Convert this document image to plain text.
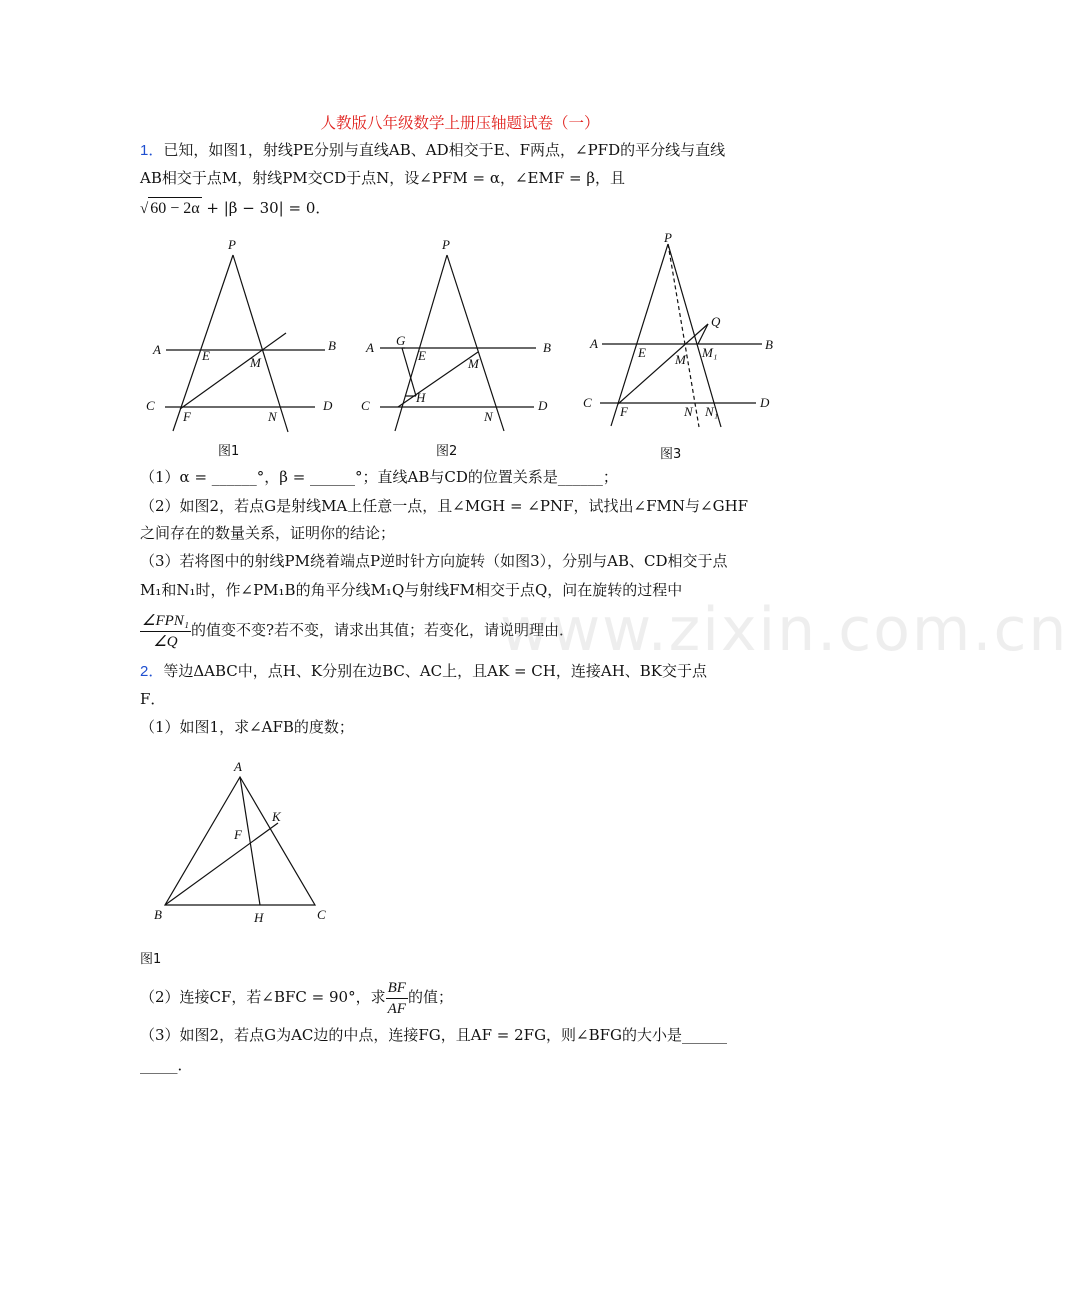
人教版八年级数学上册压轴题试卷（一）
1．已知，如图1，射线PE分别与直线AB、AD相交于E、F两点，∠PFD的平分线与直线
AB相交于点M，射线PM交CD于点N，设∠PFM = α，∠EMF = β，且
√ 60 − 2α + |β − 30| = 0．
P
A	B
C	D
E	M
F	N
图1
P
A G	B
E
M
H
C	D
N
图2
P
Q
A	B
E M M₁
C	D
F	N N₁
图3
（1）α = ______°，β = ______°；直线AB与CD的位置关系是______；
（2）如图2，若点G是射线MA上任意一点，且∠MGH = ∠PNF，试找出∠FMN与∠GHF
之间存在的数量关系，证明你的结论；
（3）若将图中的射线PM绕着端点P逆时针方向旋转（如图3），分别与AB、CD相交于点
M₁和N₁时，作∠PM₁B的角平分线M₁Q与射线FM相交于点Q，问在旋转的过程中
$\frac{\text{∠FPN₁}}{\angle Q}$ 的值变不变?若不变，请求出其值；若变化，请说明理由．
www.zixin.com.cn
2．等边ΔABC中，点H、K分别在边BC、AC上，且AK = CH，连接AH、BK交于点
F．
（1）如图1，求∠AFB的度数；
A
B	C
H
F
K
图1
（2）连接CF，若∠BFC = 90°，求 $\frac{BF}{AF}$ 的值；
（3）如图2，若点G为AC边的中点，连接FG，且AF = 2FG，则∠BFG的大小是______
_____．
